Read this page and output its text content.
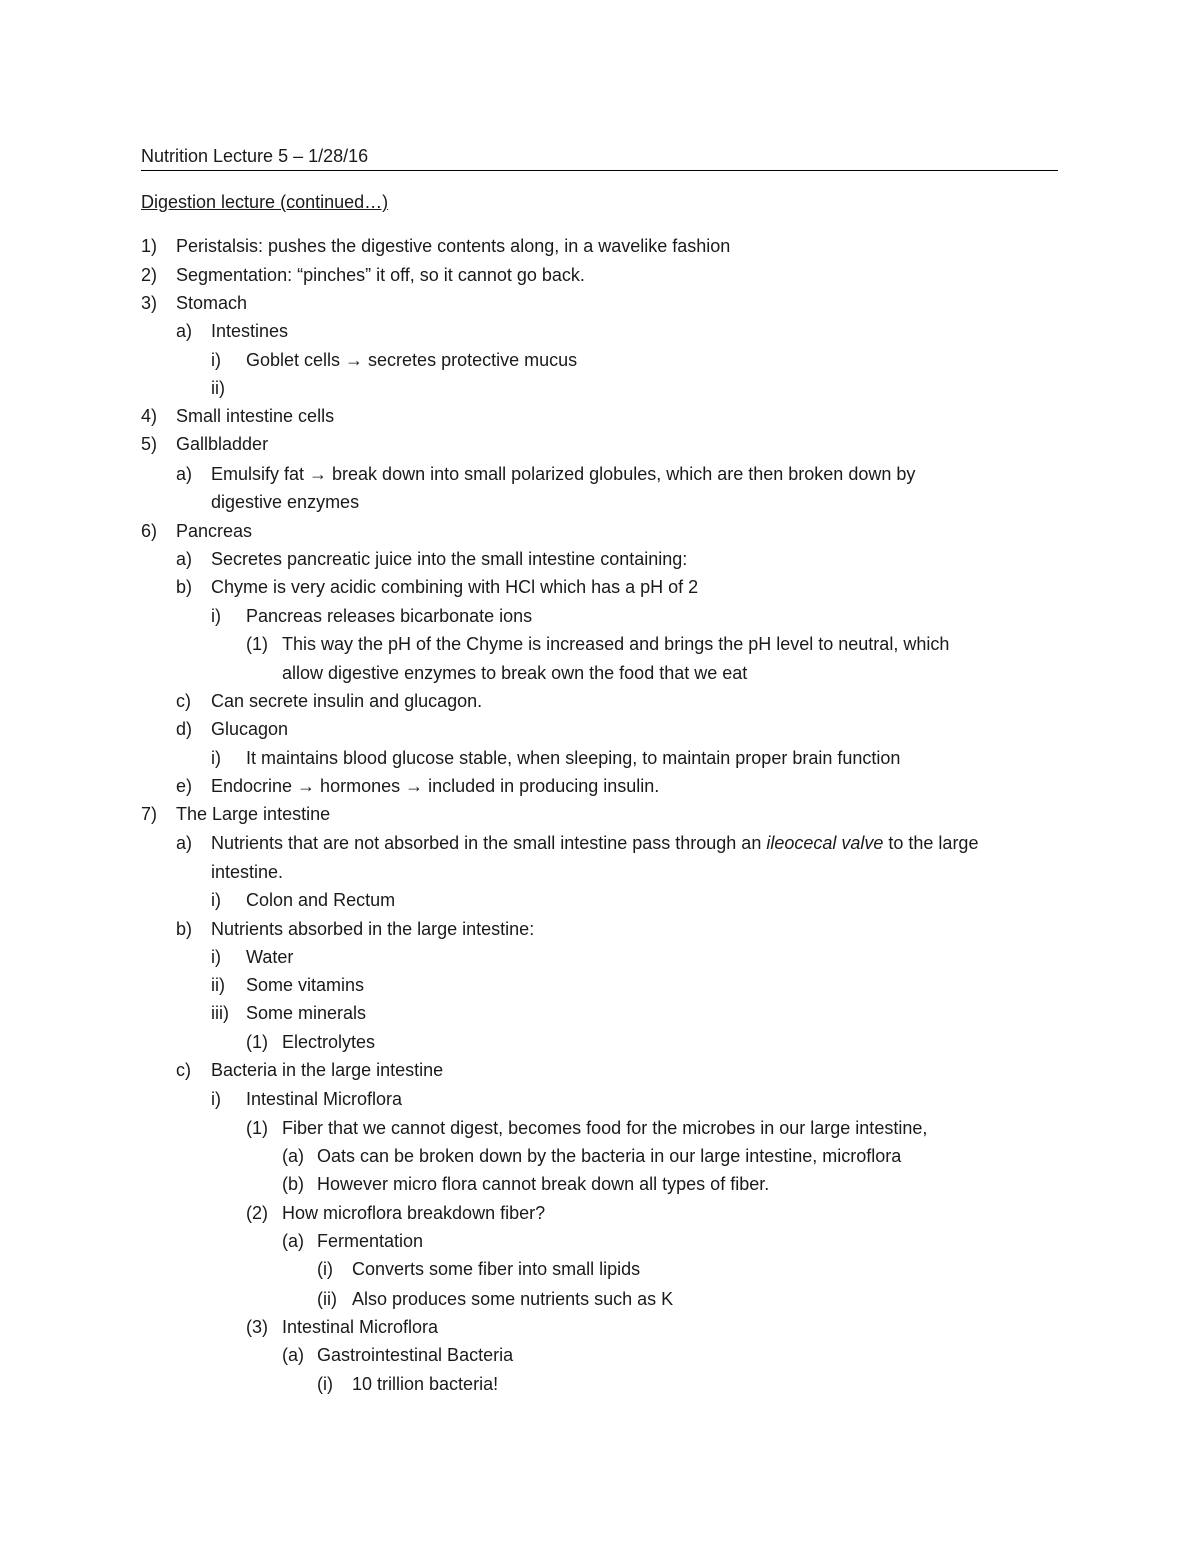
Nutrition Lecture 5 – 1/28/16
Digestion lecture (continued…)
1) Peristalsis: pushes the digestive contents along, in a wavelike fashion
2) Segmentation: “pinches” it off, so it cannot go back.
3) Stomach
a) Intestines
i) Goblet cells → secretes protective mucus
ii)
4) Small intestine cells
5) Gallbladder
a) Emulsify fat → break down into small polarized globules, which are then broken down by
digestive enzymes
6) Pancreas
a) Secretes pancreatic juice into the small intestine containing:
b) Chyme is very acidic combining with HCl which has a pH of 2
i) Pancreas releases bicarbonate ions
(1) This way the pH of the Chyme is increased and brings the pH level to neutral, which
allow digestive enzymes to break own the food that we eat
c) Can secrete insulin and glucagon.
d) Glucagon
i) It maintains blood glucose stable, when sleeping, to maintain proper brain function
e) Endocrine → hormones → included in producing insulin.
7) The Large intestine
a) Nutrients that are not absorbed in the small intestine pass through an ileocecal valve to the large
intestine.
i) Colon and Rectum
b) Nutrients absorbed in the large intestine:
i) Water
ii) Some vitamins
iii) Some minerals
(1) Electrolytes
c) Bacteria in the large intestine
i) Intestinal Microflora
(1) Fiber that we cannot digest, becomes food for the microbes in our large intestine,
(a) Oats can be broken down by the bacteria in our large intestine, microflora
(b) However micro flora cannot break down all types of fiber.
(2) How microflora breakdown fiber?
(a) Fermentation
(i) Converts some fiber into small lipids
(ii) Also produces some nutrients such as K
(3) Intestinal Microflora
(a) Gastrointestinal Bacteria
(i) 10 trillion bacteria!
